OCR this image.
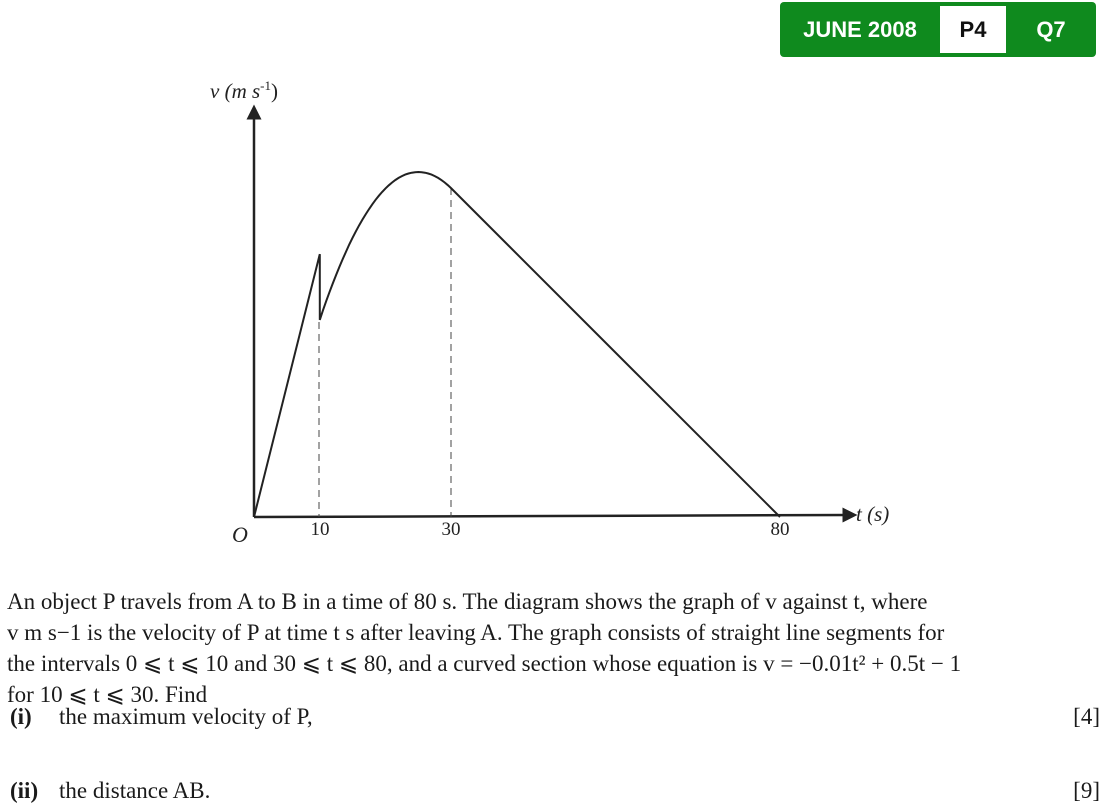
JUNE 2008	P4	Q7
v (m $s^{-1}$)
t (s)
O	10	30	80
An object P travels from A to B in a time of 80 s. The diagram shows the graph of v against t, where
v m s−1 is the velocity of P at time t s after leaving A. The graph consists of straight line segments for
the intervals 0 ⩽ t ⩽ 10 and 30 ⩽ t ⩽ 80, and a curved section whose equation is v = −0.01t² + 0.5t − 1
for 10 ⩽ t ⩽ 30. Find
(i) the maximum velocity of P,	[4]
(ii) the distance AB.	[9]
